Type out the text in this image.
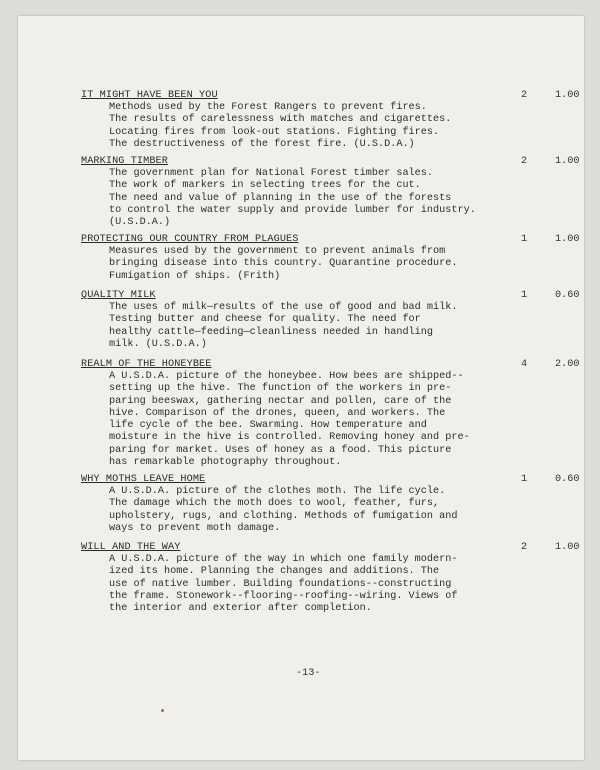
IT MIGHT HAVE BEEN YOU	2	1.00
Methods used by the Forest Rangers to prevent fires.
The results of carelessness with matches and cigarettes.
Locating fires from look-out stations. Fighting fires.
The destructiveness of the forest fire. (U.S.D.A.)
MARKING TIMBER	2	1.00
The government plan for National Forest timber sales.
The work of markers in selecting trees for the cut.
The need and value of planning in the use of the forests
to control the water supply and provide lumber for industry.
(U.S.D.A.)
PROTECTING OUR COUNTRY FROM PLAGUES	1	1.00
Measures used by the government to prevent animals from
bringing disease into this country. Quarantine procedure.
Fumigation of ships. (Frith)
QUALITY MILK	1	0.60
The uses of milk—results of the use of good and bad milk.
Testing butter and cheese for quality. The need for
healthy cattle—feeding—cleanliness needed in handling
milk. (U.S.D.A.)
REALM OF THE HONEYBEE	4	2.00
A U.S.D.A. picture of the honeybee. How bees are shipped--
setting up the hive. The function of the workers in pre-
paring beeswax, gathering nectar and pollen, care of the
hive. Comparison of the drones, queen, and workers. The
life cycle of the bee. Swarming. How temperature and
moisture in the hive is controlled. Removing honey and pre-
paring for market. Uses of honey as a food. This picture
has remarkable photography throughout.
WHY MOTHS LEAVE HOME	1	0.60
A U.S.D.A. picture of the clothes moth. The life cycle.
The damage which the moth does to wool, feather, furs,
upholstery, rugs, and clothing. Methods of fumigation and
ways to prevent moth damage.
WILL AND THE WAY	2	1.00
A U.S.D.A. picture of the way in which one family modern-
ized its home. Planning the changes and additions. The
use of native lumber. Building foundations--constructing
the frame. Stonework--flooring--roofing--wiring. Views of
the interior and exterior after completion.
-13-
